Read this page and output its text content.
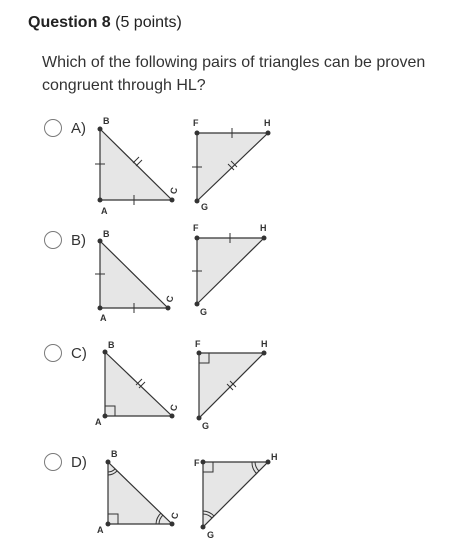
Question 8 (5 points)
Which of the following pairs of triangles can be proven congruent through HL?
A)
B)
C)
D)
B
A
C
F	H
G
B
A
C
F	H
G
B
A
C
F	H
G
B
A
C
F
H
G
